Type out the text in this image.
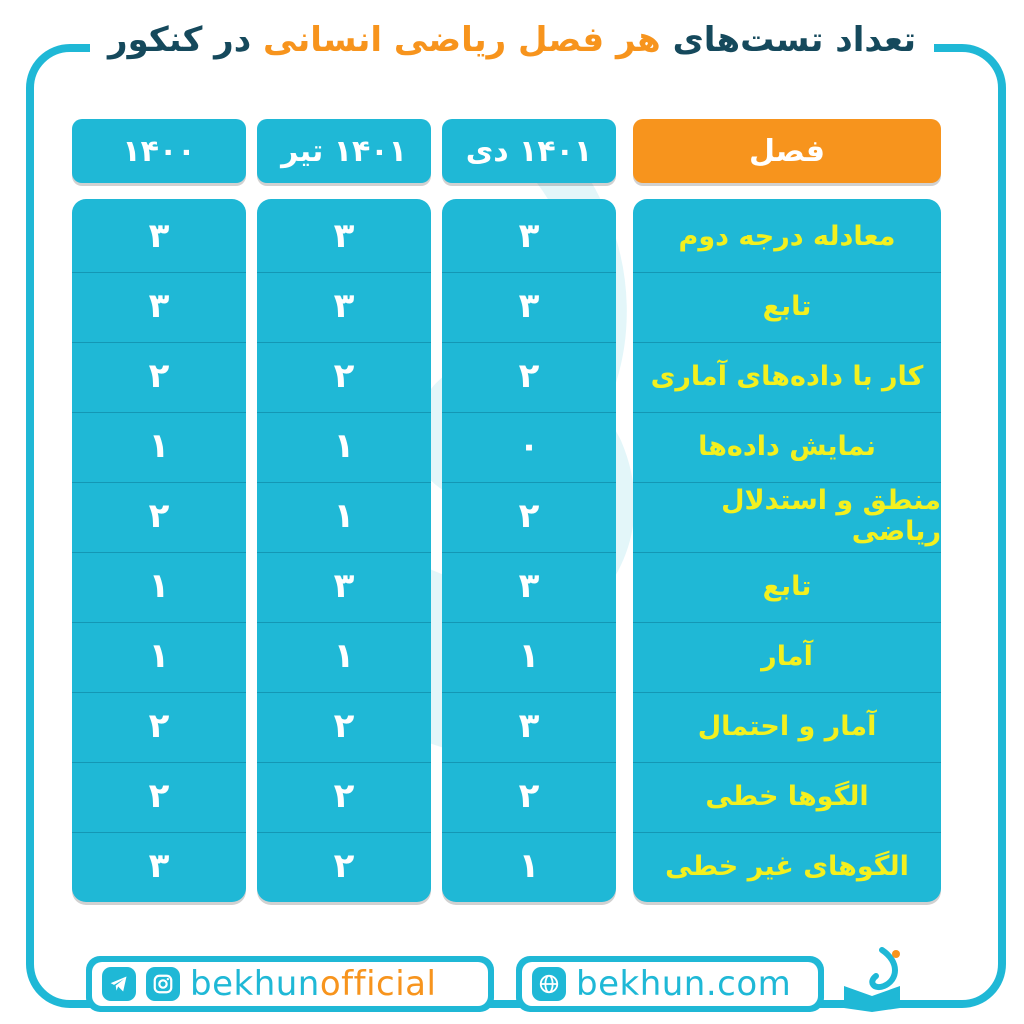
تعداد تست‌های هر فصل ریاضی انسانی در کنکور
فصل
۱۴۰۱ دی
۱۴۰۱ تیر
۱۴۰۰
معادله درجه دوم
۳
۳
۳
تابع
۳
۳
۳
کار با داده‌های آماری
۲
۲
۲
نمایش داده‌ها
۰
۱
۱
منطق و استدلال ریاضی
۲
۱
۲
تابع
۳
۳
۱
آمار
۱
۱
۱
آمار و احتمال
۳
۲
۲
الگوها خطی
۲
۲
۲
الگوهای غیر خطی
۱
۲
۳
bekhunofficial	bekhun.com
